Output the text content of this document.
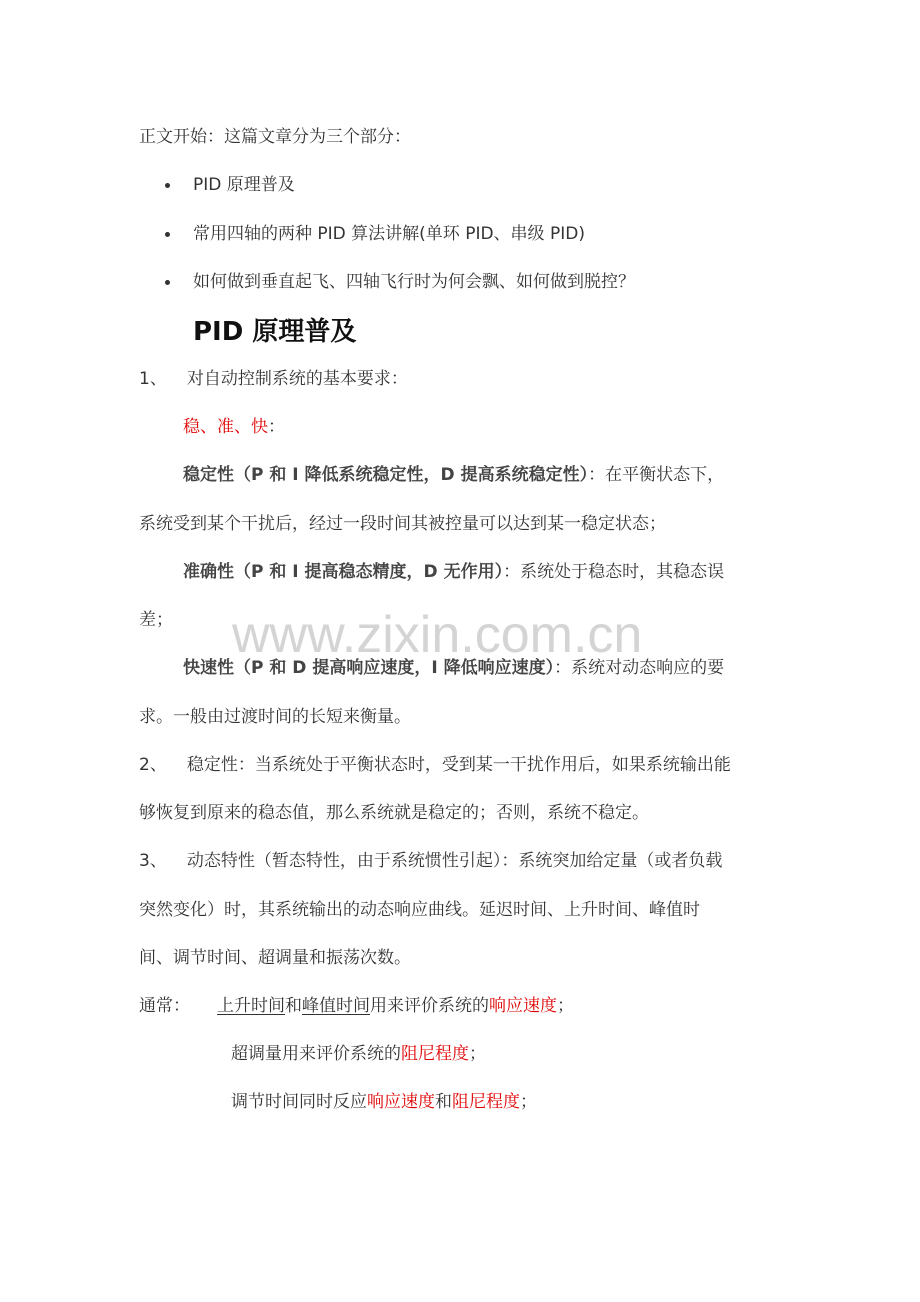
www.zixin.com.cn
正文开始：这篇文章分为三个部分：
PID 原理普及
常用四轴的两种 PID 算法讲解(单环 PID、串级 PID)
如何做到垂直起飞、四轴飞行时为何会飘、如何做到脱控？
PID 原理普及
1、 对自动控制系统的基本要求：
稳、准、快：
稳定性（P 和 I 降低系统稳定性，D 提高系统稳定性）：在平衡状态下，
系统受到某个干扰后，经过一段时间其被控量可以达到某一稳定状态；
准确性（P 和 I 提高稳态精度，D 无作用）：系统处于稳态时，其稳态误
差；
快速性（P 和 D 提高响应速度，I 降低响应速度）：系统对动态响应的要
求。一般由过渡时间的长短来衡量。
2、 稳定性：当系统处于平衡状态时，受到某一干扰作用后，如果系统输出能
够恢复到原来的稳态值，那么系统就是稳定的；否则，系统不稳定。
3、 动态特性（暂态特性，由于系统惯性引起）：系统突加给定量（或者负载
突然变化）时，其系统输出的动态响应曲线。延迟时间、上升时间、峰值时
间、调节时间、超调量和振荡次数。
通常： 上升时间和峰值时间用来评价系统的响应速度；
超调量用来评价系统的阻尼程度；
调节时间同时反应响应速度和阻尼程度；
